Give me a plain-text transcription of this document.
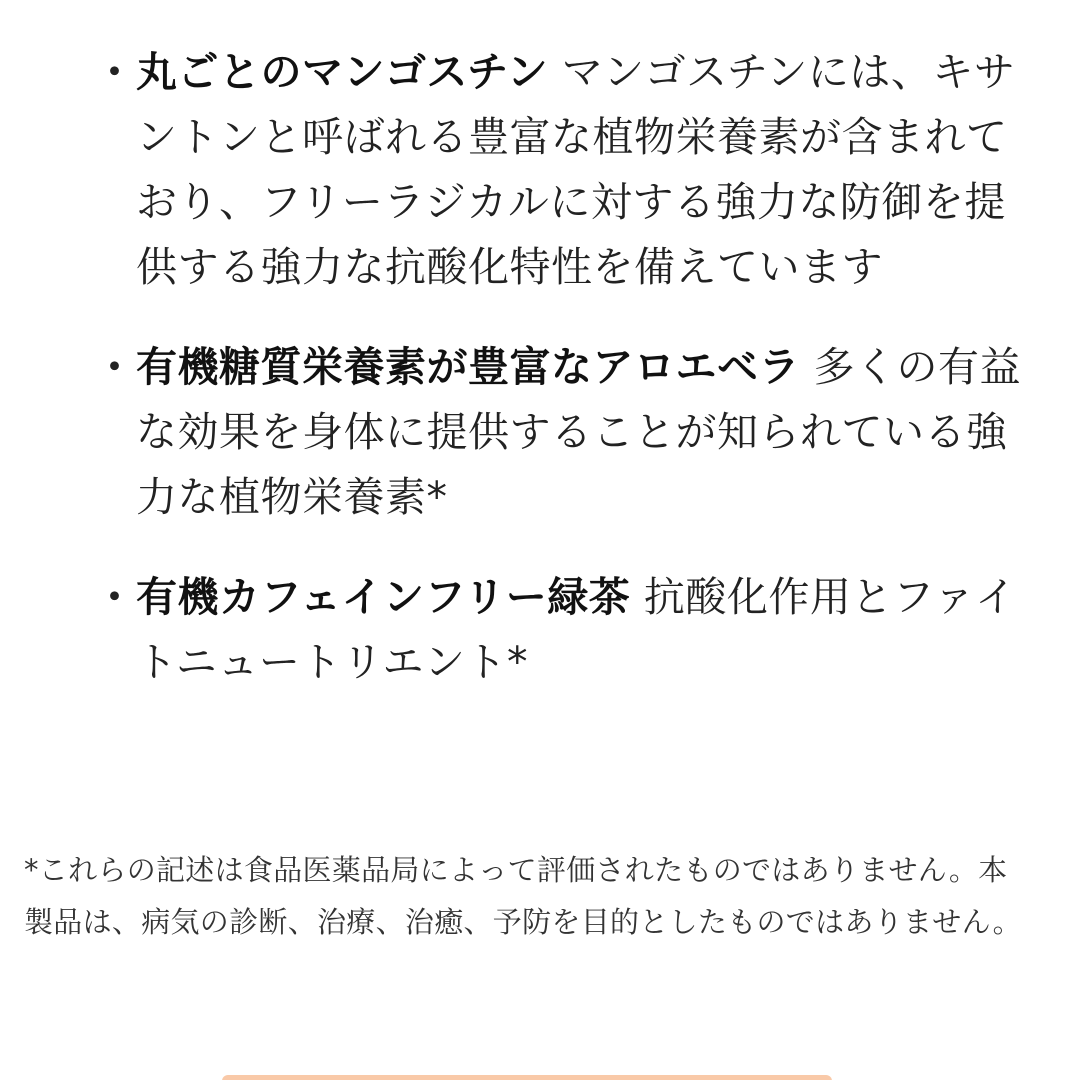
・ 丸ごとのマンゴスチン マンゴスチンには、キサントンと呼ばれる豊富な植物栄養素が含まれており、フリーラジカルに対する強力な防御を提供する強力な抗酸化特性を備えています
・ 有機糖質栄養素が豊富なアロエベラ 多くの有益な効果を身体に提供することが知られている強力な植物栄養素*
・ 有機カフェインフリー緑茶 抗酸化作用とファイトニュートリエント*

*これらの記述は食品医薬品局によって評価されたものではありません。本製品は、病気の診断、治療、治癒、予防を目的としたものではありません。
